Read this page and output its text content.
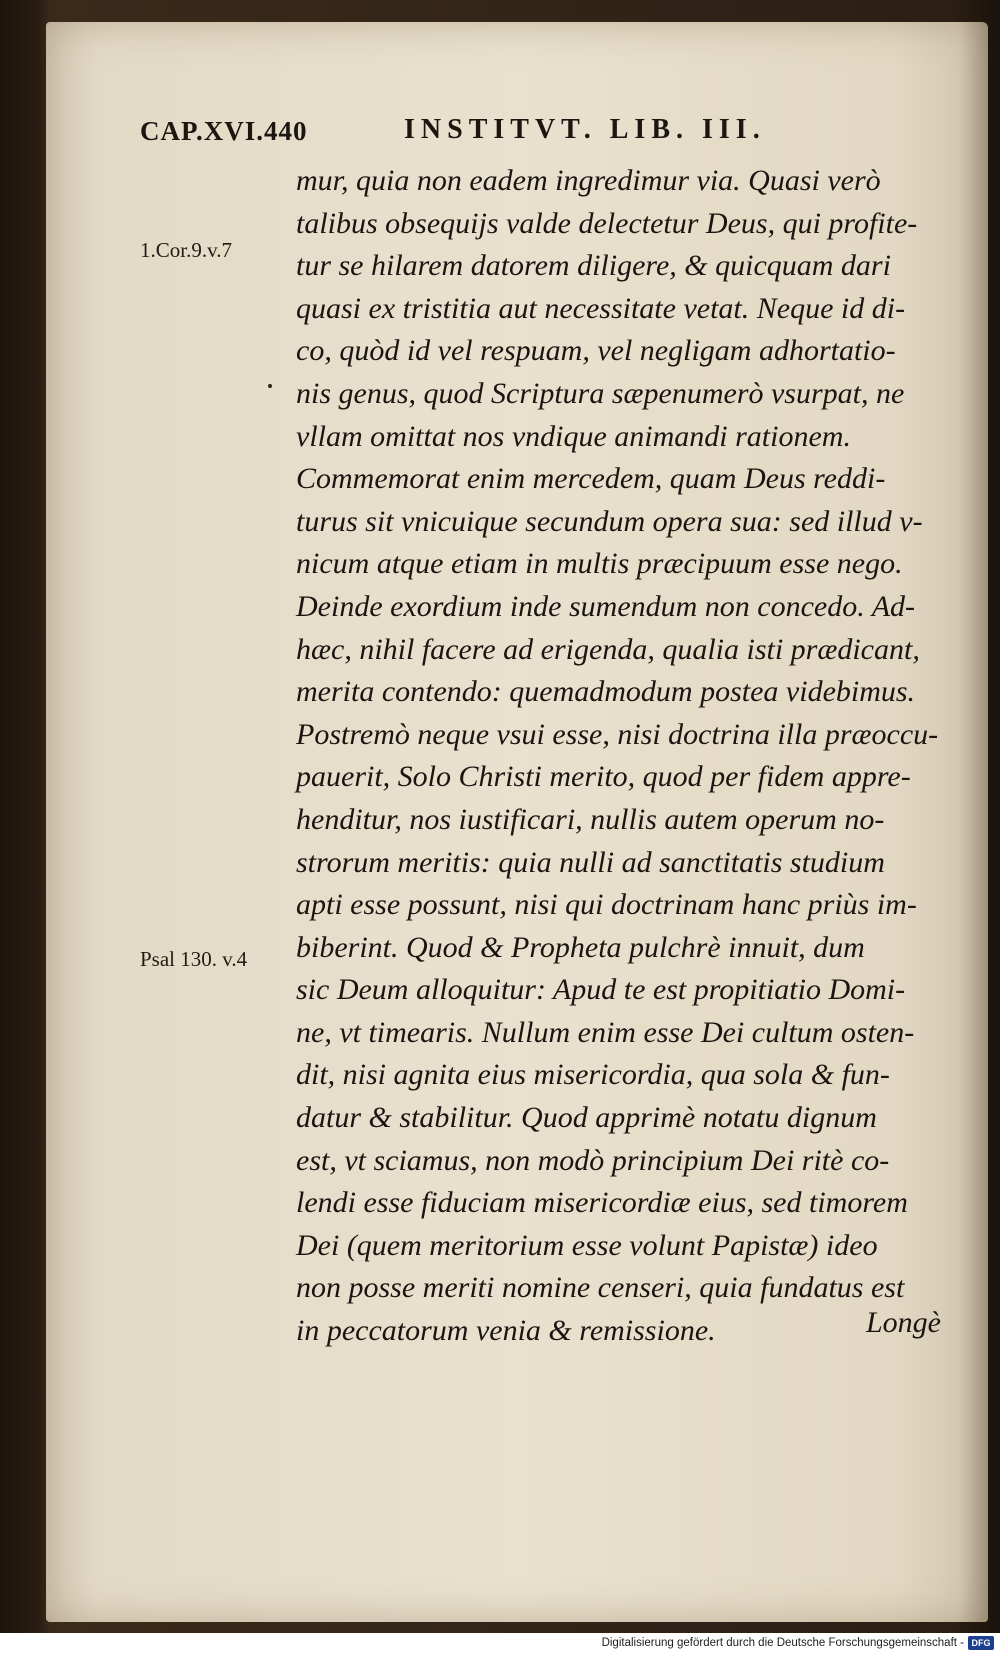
CAP.XVI.440	INSTITVT. LIB. III.
1.Cor.9.v.7
Psal 130. v.4
mur, quia non eadem ingredimur via. Quasi verò
talibus obsequijs valde delectetur Deus, qui profite-
tur se hilarem datorem diligere, & quicquam dari
quasi ex tristitia aut necessitate vetat. Neque id di-
co, quòd id vel respuam, vel negligam adhortatio-
nis genus, quod Scriptura sæpenumerò vsurpat, ne
vllam omittat nos vndique animandi rationem.
Commemorat enim mercedem, quam Deus reddi-
turus sit vnicuique secundum opera sua: sed illud v-
nicum atque etiam in multis præcipuum esse nego.
Deinde exordium inde sumendum non concedo. Ad-
hæc, nihil facere ad erigenda, qualia isti prædicant,
merita contendo: quemadmodum postea videbimus.
Postremò neque vsui esse, nisi doctrina illa præoccu-
pauerit, Solo Christi merito, quod per fidem appre-
henditur, nos iustificari, nullis autem operum no-
strorum meritis: quia nulli ad sanctitatis studium
apti esse possunt, nisi qui doctrinam hanc priùs im-
biberint. Quod & Propheta pulchrè innuit, dum
sic Deum alloquitur: Apud te est propitiatio Domi-
ne, vt timearis. Nullum enim esse Dei cultum osten-
dit, nisi agnita eius misericordia, qua sola & fun-
datur & stabilitur. Quod apprimè notatu dignum
est, vt sciamus, non modò principium Dei ritè co-
lendi esse fiduciam misericordiæ eius, sed timorem
Dei (quem meritorium esse volunt Papistæ) ideo
non posse meriti nomine censeri, quia fundatus est
in peccatorum venia & remissione.	Longè
Digitalisierung gefördert durch die Deutsche Forschungsgemeinschaft - DFG
